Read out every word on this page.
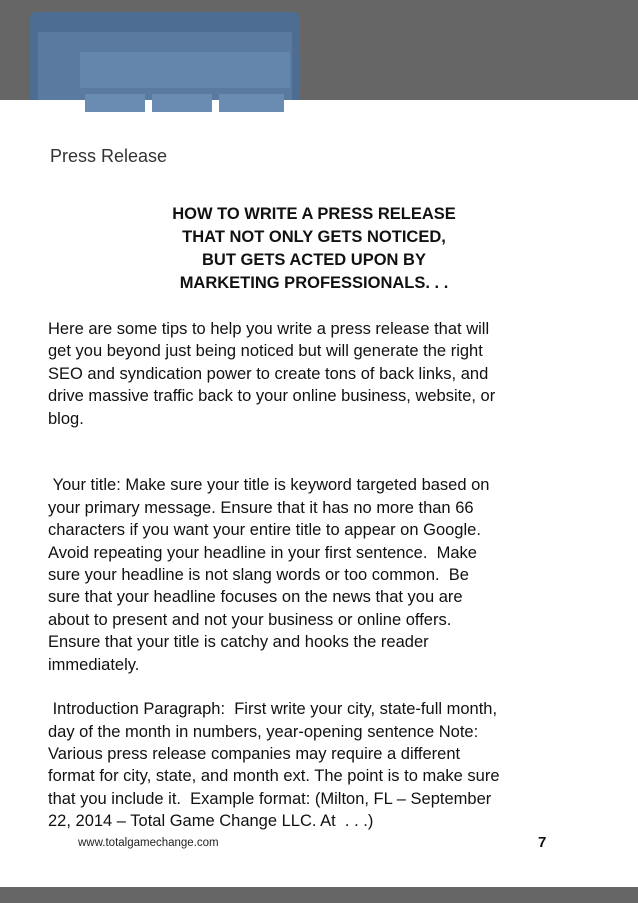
Press Release
HOW TO WRITE A PRESS RELEASE
THAT NOT ONLY GETS NOTICED,
BUT GETS ACTED UPON BY
MARKETING PROFESSIONALS. . .

Here are some tips to help you write a press release that will
get you beyond just being noticed but will generate the right
SEO and syndication power to create tons of back links, and
drive massive traffic back to your online business, website, or
blog.

Your title: Make sure your title is keyword targeted based on
your primary message. Ensure that it has no more than 66
characters if you want your entire title to appear on Google.
Avoid repeating your headline in your first sentence.  Make
sure your headline is not slang words or too common.  Be
sure that your headline focuses on the news that you are
about to present and not your business or online offers.
Ensure that your title is catchy and hooks the reader
immediately.

Introduction Paragraph:  First write your city, state-full month,
day of the month in numbers, year-opening sentence Note:
Various press release companies may require a different
format for city, state, and month ext. The point is to make sure
that you include it.  Example format: (Milton, FL – September
22, 2014 – Total Game Change LLC. At  . . .)

www.totalgamechange.com	7
